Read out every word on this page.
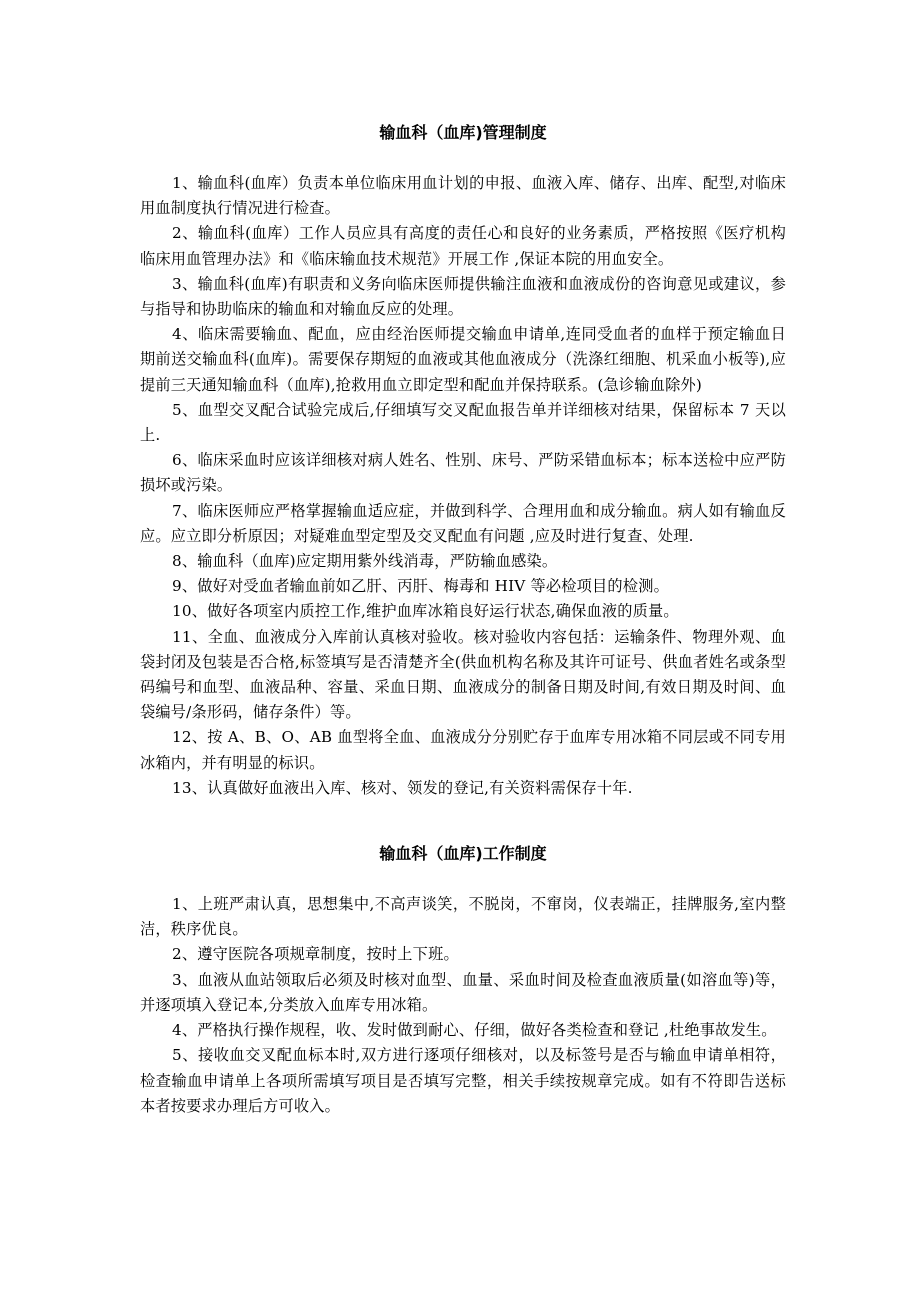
输血科（血库)管理制度

1、输血科(血库）负责本单位临床用血计划的申报、血液入库、储存、出库、配型,对临床用血制度执行情况进行检查。

2、输血科(血库）工作人员应具有高度的责任心和良好的业务素质，严格按照《医疗机构临床用血管理办法》和《临床输血技术规范》开展工作 ,保证本院的用血安全。

3、输血科(血库)有职责和义务向临床医师提供输注血液和血液成份的咨询意见或建议，参与指导和协助临床的输血和对输血反应的处理。

4、临床需要输血、配血，应由经治医师提交输血申请单,连同受血者的血样于预定输血日期前送交输血科(血库)。需要保存期短的血液或其他血液成分（洗涤红细胞、机采血小板等),应提前三天通知输血科（血库),抢救用血立即定型和配血并保持联系。(急诊输血除外)

5、血型交叉配合试验完成后,仔细填写交叉配血报告单并详细核对结果，保留标本 7 天以上.

6、临床采血时应该详细核对病人姓名、性别、床号、严防采错血标本；标本送检中应严防损坏或污染。

7、临床医师应严格掌握输血适应症，并做到科学、合理用血和成分输血。病人如有输血反应。应立即分析原因；对疑难血型定型及交叉配血有问题 ,应及时进行复查、处理.

8、输血科（血库)应定期用紫外线消毒，严防输血感染。

9、做好对受血者输血前如乙肝、丙肝、梅毒和 HIV 等必检项目的检测。

10、做好各项室内质控工作,维护血库冰箱良好运行状态,确保血液的质量。

11、全血、血液成分入库前认真核对验收。核对验收内容包括：运输条件、物理外观、血袋封闭及包装是否合格,标签填写是否清楚齐全(供血机构名称及其许可证号、供血者姓名或条型码编号和血型、血液品种、容量、采血日期、血液成分的制备日期及时间,有效日期及时间、血袋编号/条形码，储存条件）等。

12、按 A、B、O、AB 血型将全血、血液成分分别贮存于血库专用冰箱不同层或不同专用冰箱内，并有明显的标识。

13、认真做好血液出入库、核对、领发的登记,有关资料需保存十年.

输血科（血库)工作制度

1、上班严肃认真，思想集中,不高声谈笑，不脱岗，不窜岗，仪表端正，挂牌服务,室内整洁，秩序优良。

2、遵守医院各项规章制度，按时上下班。

3、血液从血站领取后必须及时核对血型、血量、采血时间及检查血液质量(如溶血等)等，并逐项填入登记本,分类放入血库专用冰箱。

4、严格执行操作规程，收、发时做到耐心、仔细，做好各类检查和登记 ,杜绝事故发生。

5、接收血交叉配血标本时,双方进行逐项仔细核对，以及标签号是否与输血申请单相符，检查输血申请单上各项所需填写项目是否填写完整，相关手续按规章完成。如有不符即告送标本者按要求办理后方可收入。
